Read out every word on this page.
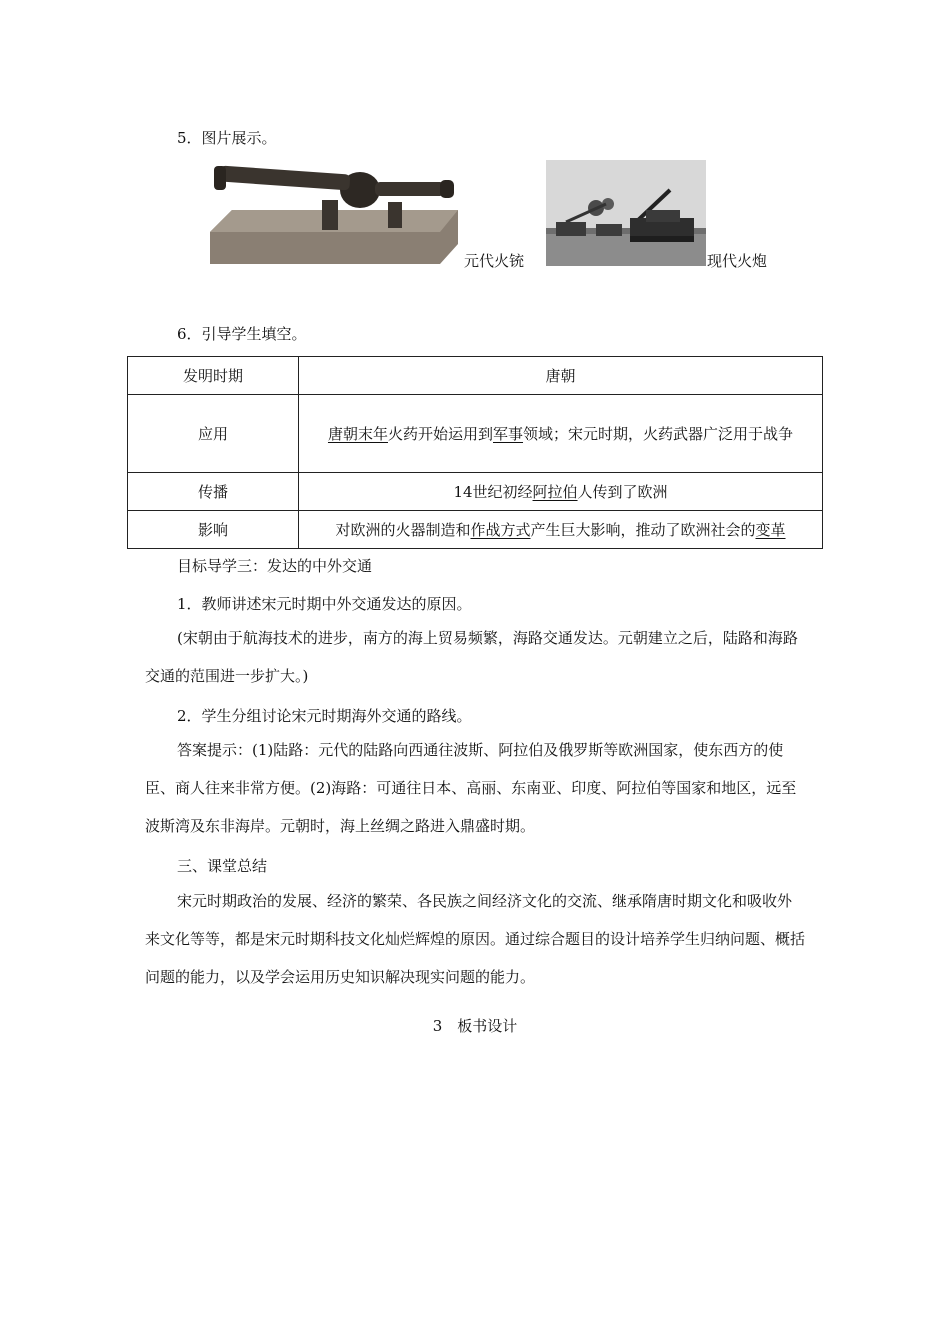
5．图片展示。
元代火铳	现代火炮
6．引导学生填空。
发明时期	唐朝
应用	唐朝末年火药开始运用到军事领域；宋元时期，火药武器广泛用于战争
传播	14世纪初经阿拉伯人传到了欧洲
影响	对欧洲的火器制造和作战方式产生巨大影响，推动了欧洲社会的变革
目标导学三：发达的中外交通
1．教师讲述宋元时期中外交通发达的原因。
(宋朝由于航海技术的进步，南方的海上贸易频繁，海路交通发达。元朝建立之后，陆路和海路交通的范围进一步扩大。)
2．学生分组讨论宋元时期海外交通的路线。
答案提示：(1)陆路：元代的陆路向西通往波斯、阿拉伯及俄罗斯等欧洲国家，使东西方的使臣、商人往来非常方便。(2)海路：可通往日本、高丽、东南亚、印度、阿拉伯等国家和地区，远至波斯湾及东非海岸。元朝时，海上丝绸之路进入鼎盛时期。
三、课堂总结
宋元时期政治的发展、经济的繁荣、各民族之间经济文化的交流、继承隋唐时期文化和吸收外来文化等等，都是宋元时期科技文化灿烂辉煌的原因。通过综合题目的设计培养学生归纳问题、概括问题的能力，以及学会运用历史知识解决现实问题的能力。
3　板书设计
